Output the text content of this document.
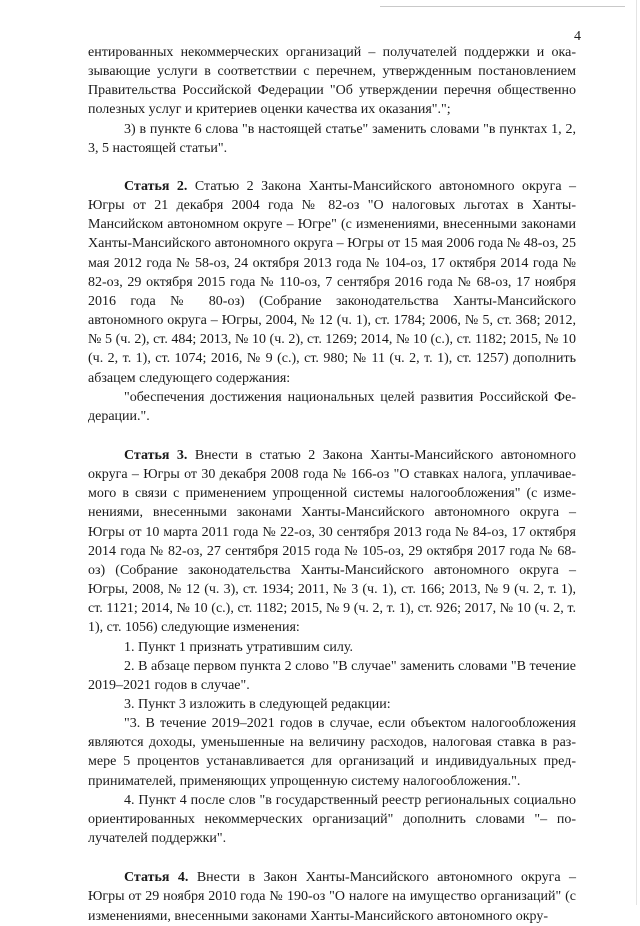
4

ентированных некоммерческих организаций – получателей поддержки и оказывающие услуги в соответствии с перечнем, утвержденным постановлением Правительства Российской Федерации "Об утверждении перечня общественно полезных услуг и критериев оценки качества их оказания".";

3) в пункте 6 слова "в настоящей статье" заменить словами "в пунктах 1, 2, 3, 5 настоящей статьи".

Статья 2. Статью 2 Закона Ханты-Мансийского автономного округа – Югры от 21 декабря 2004 года № 82-оз "О налоговых льготах в Ханты-Мансийском автономном округе – Югре" (с изменениями, внесенными законами Ханты-Мансийского автономного округа – Югры от 15 мая 2006 года № 48-оз, 25 мая 2012 года № 58-оз, 24 октября 2013 года № 104-оз, 17 октября 2014 года № 82-оз, 29 октября 2015 года № 110-оз, 7 сентября 2016 года № 68-оз, 17 ноября 2016 года № 80-оз) (Собрание законодательства Ханты-Мансийского автономного округа – Югры, 2004, № 12 (ч. 1), ст. 1784; 2006, № 5, ст. 368; 2012, № 5 (ч. 2), ст. 484; 2013, № 10 (ч. 2), ст. 1269; 2014, № 10 (с.), ст. 1182; 2015, № 10 (ч. 2, т. 1), ст. 1074; 2016, № 9 (с.), ст. 980; № 11 (ч. 2, т. 1), ст. 1257) дополнить абзацем следующего содержания:

"обеспечения достижения национальных целей развития Российской Федерации.".

Статья 3. Внести в статью 2 Закона Ханты-Мансийского автономного округа – Югры от 30 декабря 2008 года № 166-оз "О ставках налога, уплачиваемого в связи с применением упрощенной системы налогообложения" (с изменениями, внесенными законами Ханты-Мансийского автономного округа – Югры от 10 марта 2011 года № 22-оз, 30 сентября 2013 года № 84-оз, 17 октября 2014 года № 82-оз, 27 сентября 2015 года № 105-оз, 29 октября 2017 года № 68-оз) (Собрание законодательства Ханты-Мансийского автономного округа – Югры, 2008, № 12 (ч. 3), ст. 1934; 2011, № 3 (ч. 1), ст. 166; 2013, № 9 (ч. 2, т. 1), ст. 1121; 2014, № 10 (с.), ст. 1182; 2015, № 9 (ч. 2, т. 1), ст. 926; 2017, № 10 (ч. 2, т. 1), ст. 1056) следующие изменения:

1. Пункт 1 признать утратившим силу.

2. В абзаце первом пункта 2 слово "В случае" заменить словами "В течение 2019–2021 годов в случае".

3. Пункт 3 изложить в следующей редакции:

"3. В течение 2019–2021 годов в случае, если объектом налогообложения являются доходы, уменьшенные на величину расходов, налоговая ставка в размере 5 процентов устанавливается для организаций и индивидуальных предпринимателей, применяющих упрощенную систему налогообложения.".

4. Пункт 4 после слов "в государственный реестр региональных социально ориентированных некоммерческих организаций" дополнить словами "– получателей поддержки".

Статья 4. Внести в Закон Ханты-Мансийского автономного округа – Югры от 29 ноября 2010 года № 190-оз "О налоге на имущество организаций" (с изменениями, внесенными законами Ханты-Мансийского автономного окру-
